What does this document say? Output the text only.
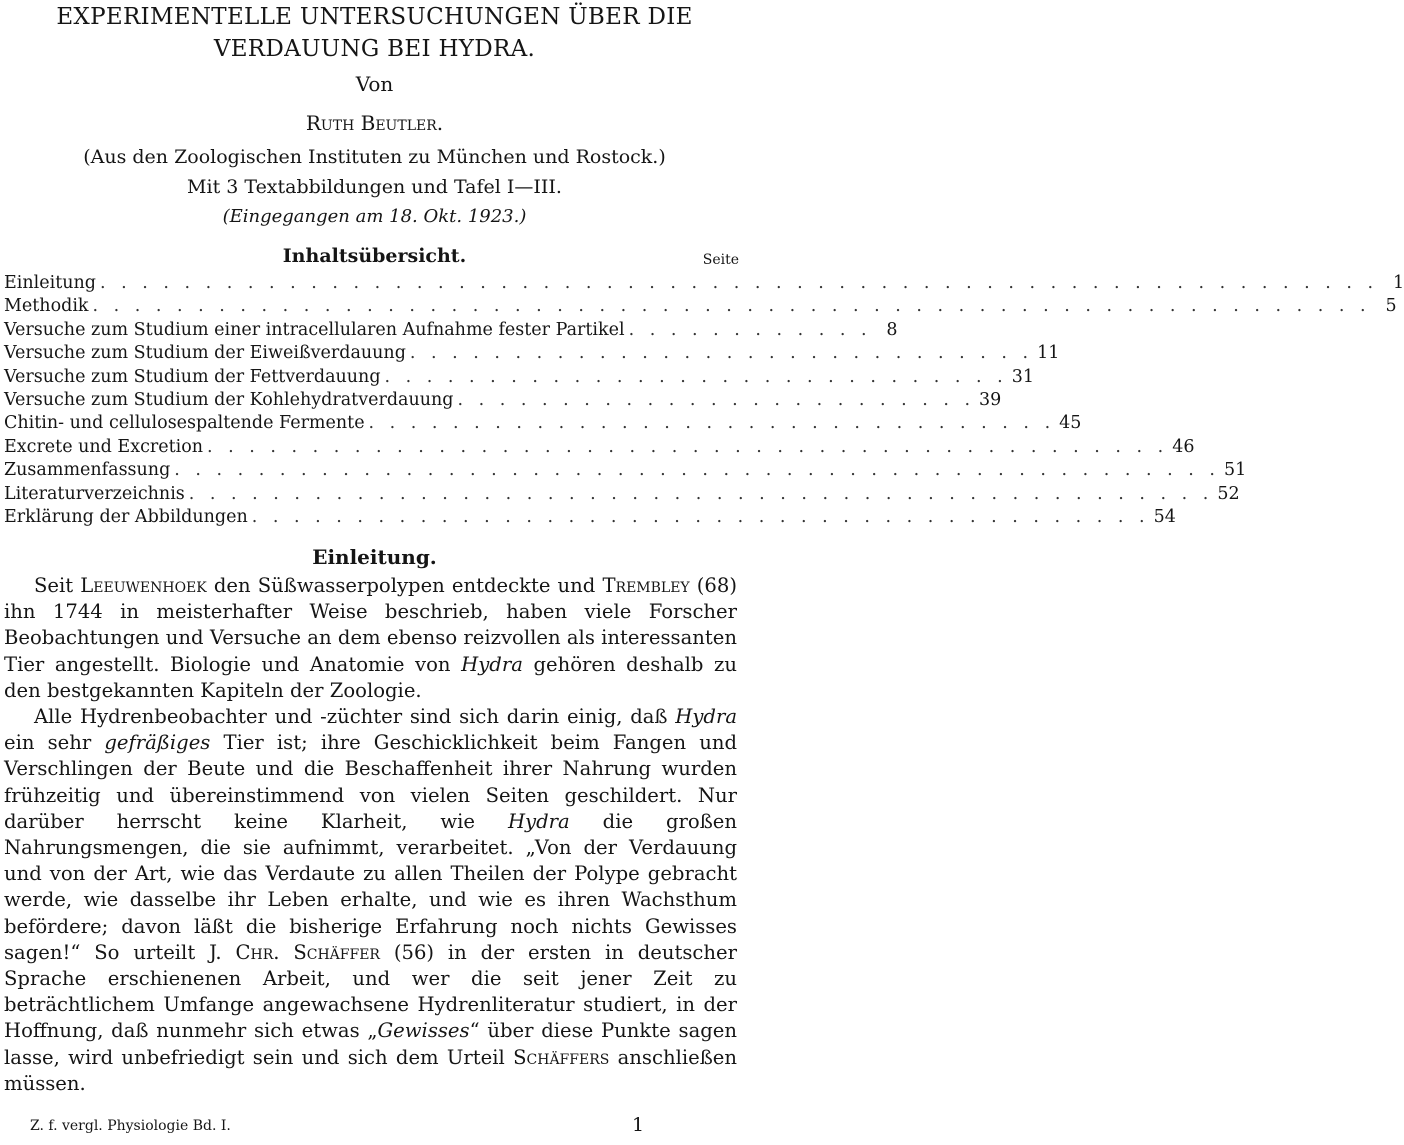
EXPERIMENTELLE UNTERSUCHUNGEN ÜBER DIE
VERDAUUNG BEI HYDRA.
Von
Ruth Beutler.
(Aus den Zoologischen Instituten zu München und Rostock.)
Mit 3 Textabbildungen und Tafel I—III.
(Eingegangen am 18. Okt. 1923.)
Inhaltsübersicht.	Seite
Einleitung . . . . . . . . . . . . . . . . . . . . . . . . . . . . . . . . . . . . . . . . . . . . . . . . . . . . . . . . . . . . . 1
Methodik . . . . . . . . . . . . . . . . . . . . . . . . . . . . . . . . . . . . . . . . . . . . . . . . . . . . . . . . . . . . . 5
Versuche zum Studium einer intracellularen Aufnahme fester Partikel . . . . . . . . . . . . 8
Versuche zum Studium der Eiweißverdauung . . . . . . . . . . . . . . . . . . . . . . . . . . . . . . 11
Versuche zum Studium der Fettverdauung . . . . . . . . . . . . . . . . . . . . . . . . . . . . . . 31
Versuche zum Studium der Kohlehydratverdauung . . . . . . . . . . . . . . . . . . . . . . . . . 39
Chitin- und cellulosespaltende Fermente . . . . . . . . . . . . . . . . . . . . . . . . . . . . . . . . . 45
Excrete und Excretion . . . . . . . . . . . . . . . . . . . . . . . . . . . . . . . . . . . . . . . . . . . . . . 46
Zusammenfassung . . . . . . . . . . . . . . . . . . . . . . . . . . . . . . . . . . . . . . . . . . . . . . . . . . 51
Literaturverzeichnis . . . . . . . . . . . . . . . . . . . . . . . . . . . . . . . . . . . . . . . . . . . . . . . . . 52
Erklärung der Abbildungen . . . . . . . . . . . . . . . . . . . . . . . . . . . . . . . . . . . . . . . . . . . 54
Einleitung.

Seit Leeuwenhoek den Süßwasserpolypen entdeckte und Trembley (68) ihn 1744 in meisterhafter Weise beschrieb, haben viele Forscher Beobachtungen und Versuche an dem ebenso reizvollen als interessanten Tier angestellt. Biologie und Anatomie von Hydra gehören deshalb zu den bestgekannten Kapiteln der Zoologie.

Alle Hydrenbeobachter und -züchter sind sich darin einig, daß Hydra ein sehr gefräßiges Tier ist; ihre Geschicklichkeit beim Fangen und Verschlingen der Beute und die Beschaffenheit ihrer Nahrung wurden frühzeitig und übereinstimmend von vielen Seiten geschildert. Nur darüber herrscht keine Klarheit, wie Hydra die großen Nahrungsmengen, die sie aufnimmt, verarbeitet. „Von der Verdauung und von der Art, wie das Verdaute zu allen Theilen der Polype gebracht werde, wie dasselbe ihr Leben erhalte, und wie es ihren Wachsthum befördere; davon läßt die bisherige Erfahrung noch nichts Gewisses sagen!“ So urteilt J. Chr. Schäffer (56) in der ersten in deutscher Sprache erschienenen Arbeit, und wer die seit jener Zeit zu beträchtlichem Umfange angewachsene Hydrenliteratur studiert, in der Hoffnung, daß nunmehr sich etwas „Gewisses“ über diese Punkte sagen lasse, wird unbefriedigt sein und sich dem Urteil Schäffers anschließen müssen.

Z. f. vergl. Physiologie Bd. I.	1
